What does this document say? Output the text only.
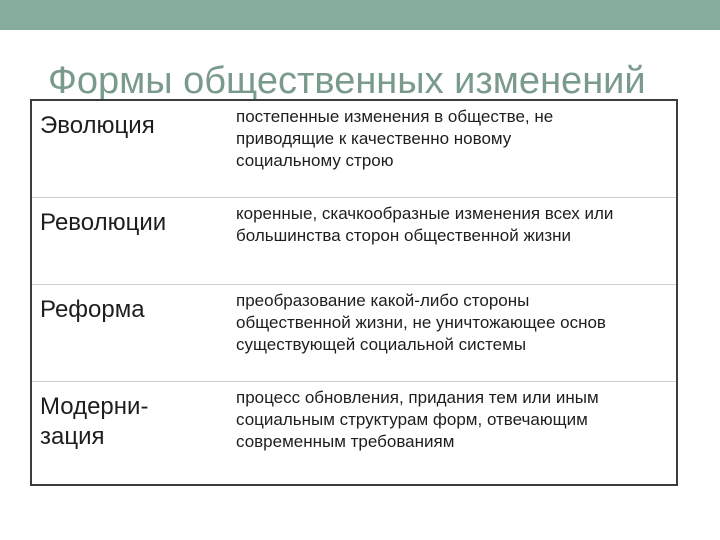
Формы общественных изменений
Эволюция	постепенные изменения в обществе, не
приводящие к качественно новому
социальному строю

Революции	коренные, скачкообразные изменения всех или
большинства сторон общественной жизни

Реформа	преобразование какой-либо стороны
общественной жизни, не уничтожающее основ
существующей социальной системы

Модерни-
зация	процесс обновления, придания тем или иным
социальным структурам форм, отвечающим
современным требованиям
